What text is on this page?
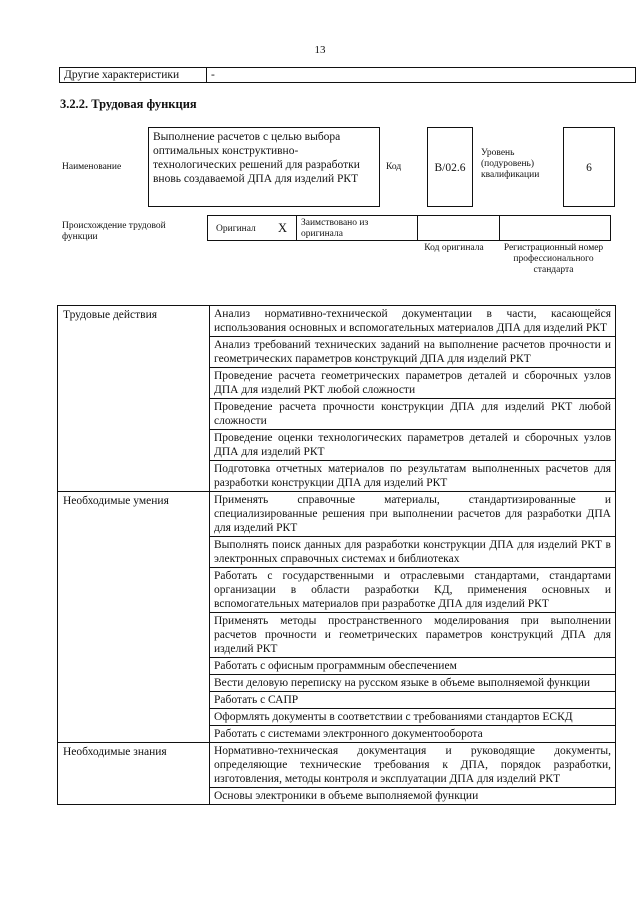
13
Другие характеристики	-
3.2.2. Трудовая функция
Наименование
Выполнение расчетов с целью выбора оптимальных конструктивно-технологических решений для разработки вновь создаваемой ДПА для изделий РКТ
Код	B/02.6
Уровень (подуровень) квалификации
6
Происхождение трудовой функции
Оригинал X Заимствовано из оригинала
Код оригинала	Регистрационный номер профессионального стандарта
Трудовые действия	Анализ нормативно-технической документации в части, касающейся использования основных и вспомогательных материалов ДПА для изделий РКТ
	Анализ требований технических заданий на выполнение расчетов прочности и геометрических параметров конструкций ДПА для изделий РКТ
	Проведение расчета геометрических параметров деталей и сборочных узлов ДПА для изделий РКТ любой сложности
	Проведение расчета прочности конструкции ДПА для изделий РКТ любой сложности
	Проведение оценки технологических параметров деталей и сборочных узлов ДПА для изделий РКТ
	Подготовка отчетных материалов по результатам выполненных расчетов для разработки конструкции ДПА для изделий РКТ
Необходимые умения	Применять справочные материалы, стандартизированные и специализированные решения при выполнении расчетов для разработки ДПА для изделий РКТ
	Выполнять поиск данных для разработки конструкции ДПА для изделий РКТ в электронных справочных системах и библиотеках
	Работать с государственными и отраслевыми стандартами, стандартами организации в области разработки КД, применения основных и вспомогательных материалов при разработке ДПА для изделий РКТ
	Применять методы пространственного моделирования при выполнении расчетов прочности и геометрических параметров конструкций ДПА для изделий РКТ
	Работать с офисным программным обеспечением
	Вести деловую переписку на русском языке в объеме выполняемой функции
	Работать с САПР
	Оформлять документы в соответствии с требованиями стандартов ЕСКД
	Работать с системами электронного документооборота
Необходимые знания	Нормативно-техническая документация и руководящие документы, определяющие технические требования к ДПА, порядок разработки, изготовления, методы контроля и эксплуатации ДПА для изделий РКТ
	Основы электроники в объеме выполняемой функции
